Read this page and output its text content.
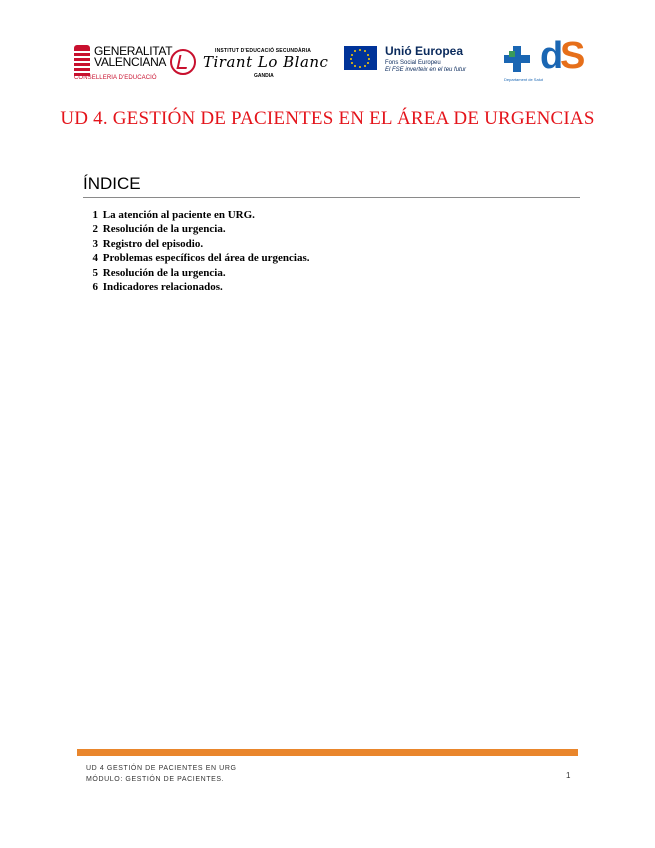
GENERALITAT
VALENCIANA
CONSELLERIA D'EDUCACIÓ
INSTITUT D'EDUCACIÓ SECUNDÀRIA
Tirant Lo Blanc
GANDIA
Unió Europea
Fons Social Europeu
El FSE inverteix en el teu futur d
S
Departament de Salut
UD 4. GESTIÓN DE PACIENTES EN EL ÁREA DE URGENCIAS
ÍNDICE
1 La atención al paciente en URG.
2 Resolución de la urgencia.
3 Registro del episodio.
4 Problemas específicos del área de urgencias.
5 Resolución de la urgencia.
6 Indicadores relacionados.
UD 4 GESTIÓN DE PACIENTES EN URG
MÓDULO: GESTIÓN DE PACIENTES.	1
